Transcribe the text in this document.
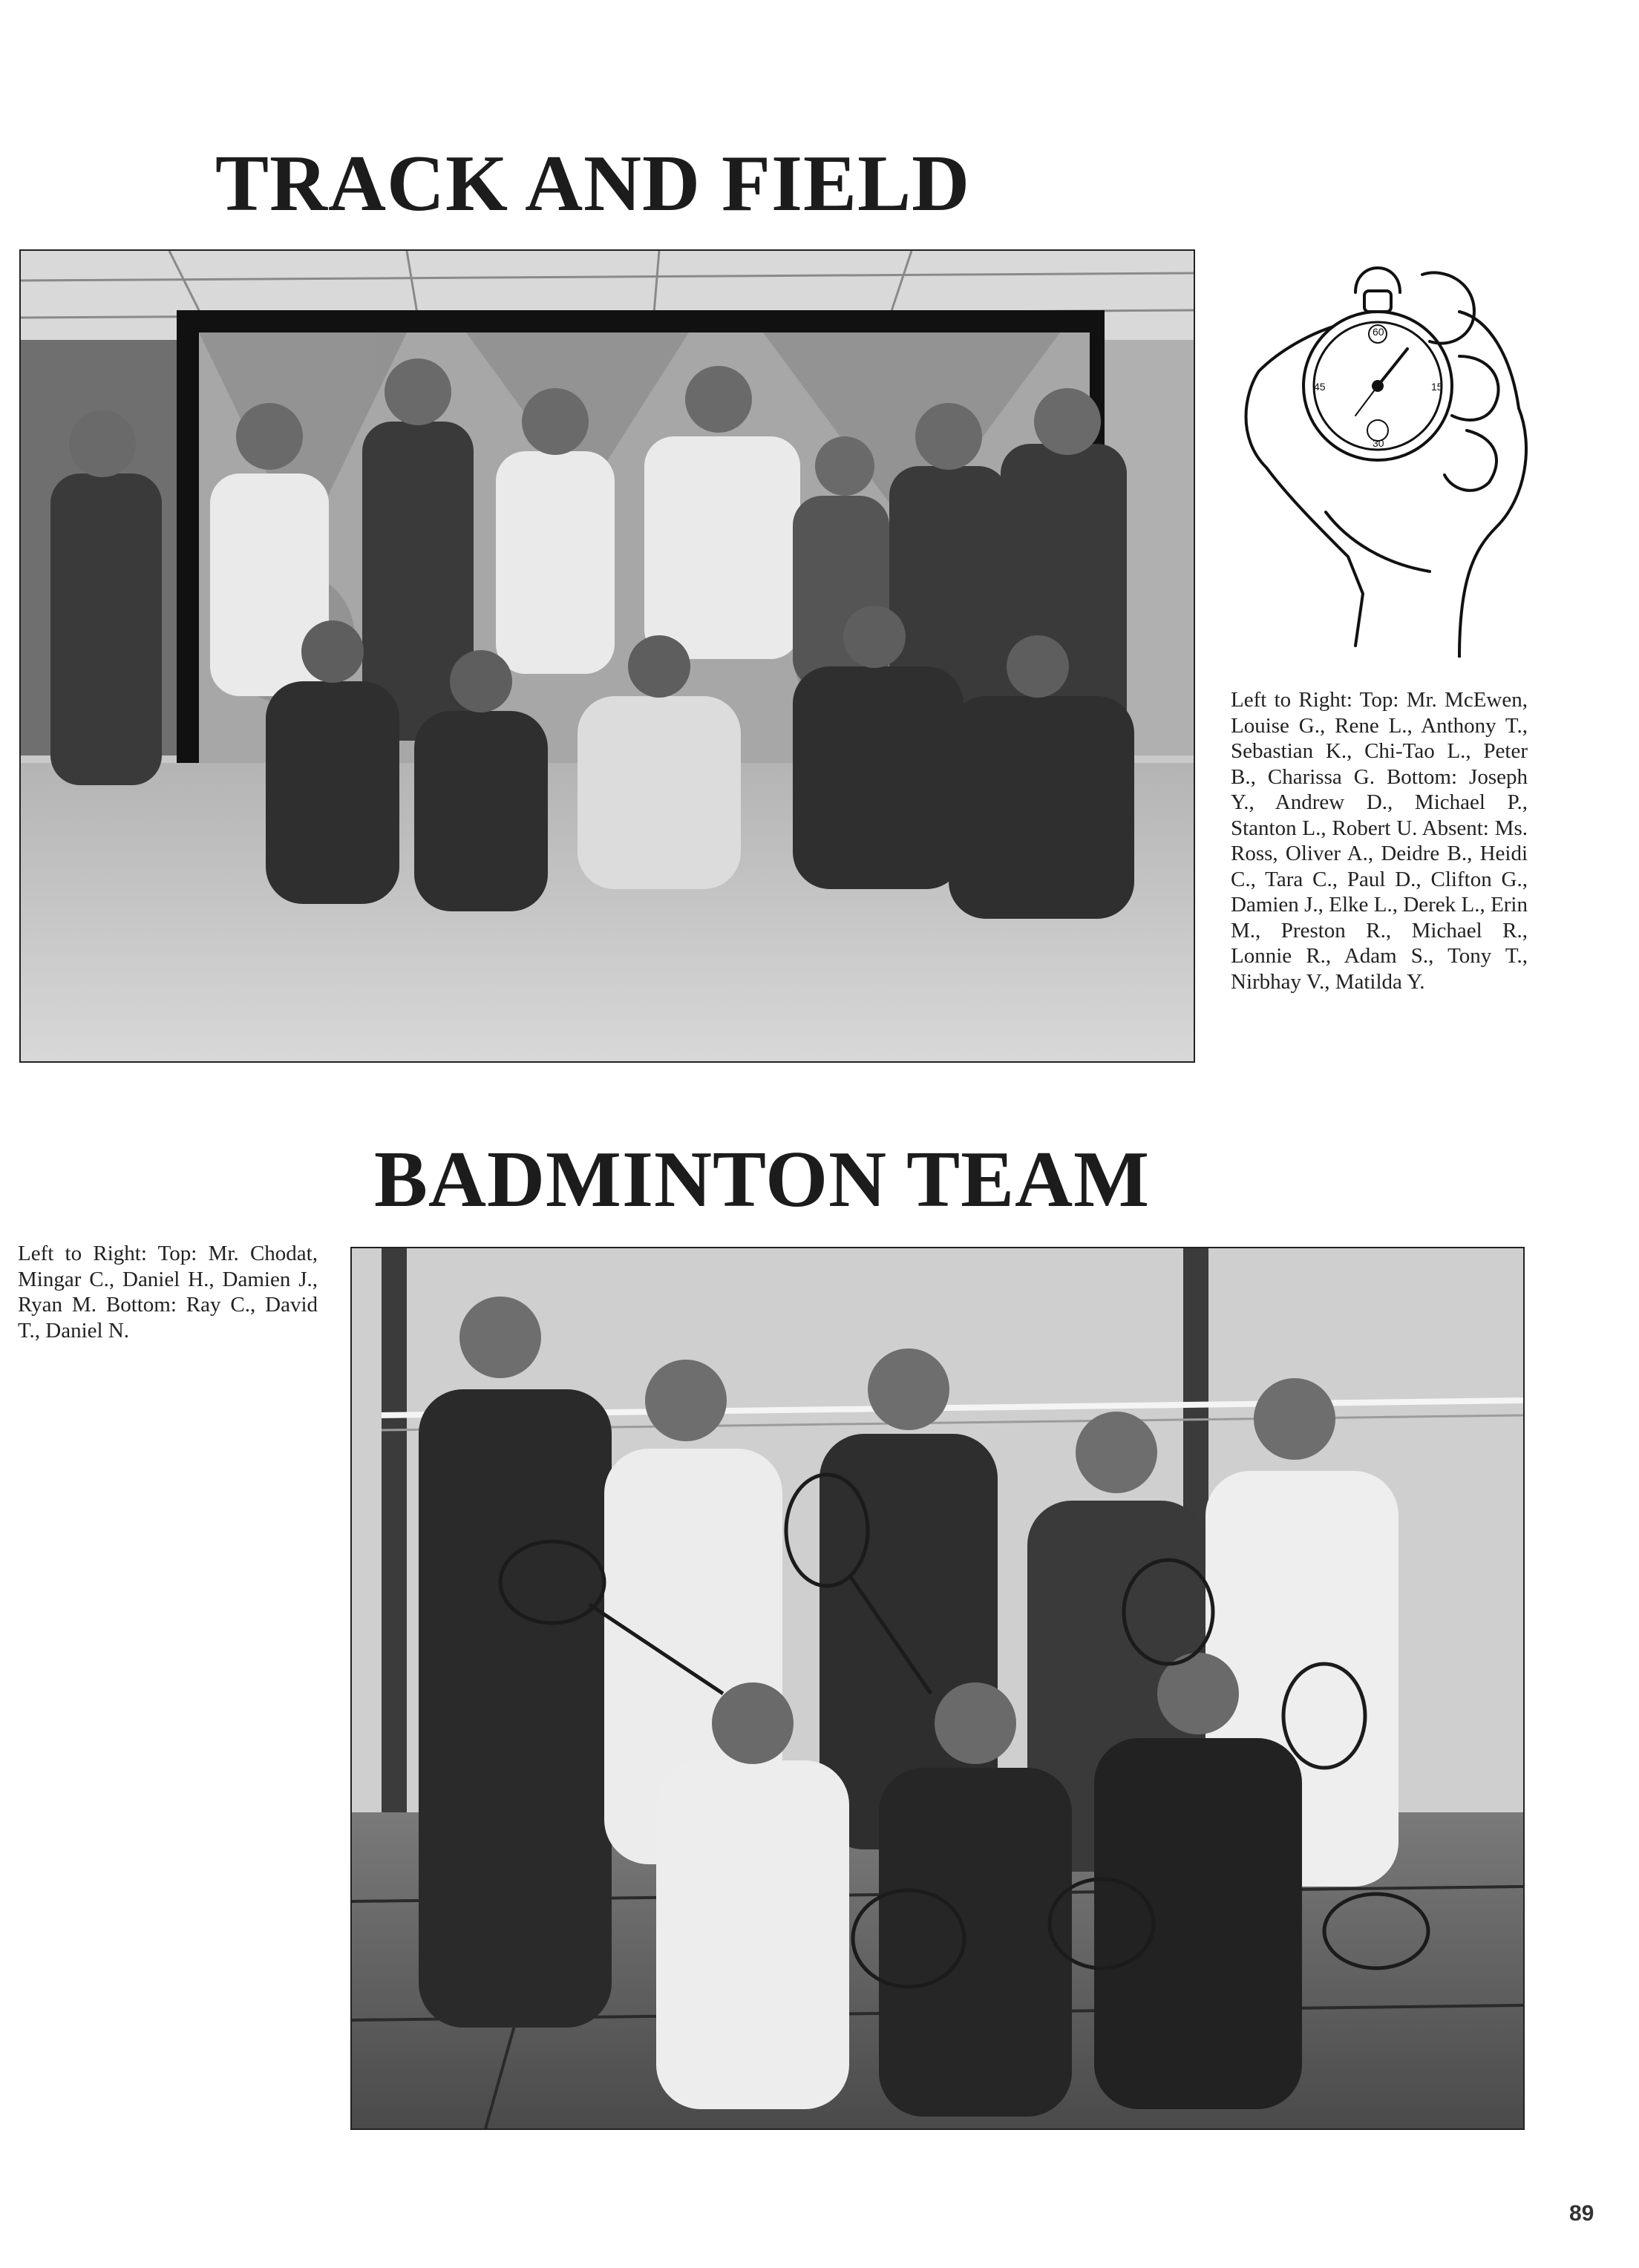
TRACK AND FIELD
60
15
30
45

Left to Right: Top: Mr. McEwen, Louise G., Rene L., Anthony T., Sebastian K., Chi-Tao L., Peter B., Charissa G. Bottom: Joseph Y., Andrew D., Michael P., Stanton L., Robert U. Absent: Ms. Ross, Oliver A., Deidre B., Heidi C., Tara C., Paul D., Clifton G., Damien J., Elke L., Derek L., Erin M., Preston R., Michael R., Lonnie R., Adam S., Tony T., Nirbhay V., Matilda Y.

BADMINTON TEAM

Left to Right: Top: Mr. Chodat, Mingar C., Daniel H., Damien J., Ryan M. Bottom: Ray C., David T., Daniel N.

89
